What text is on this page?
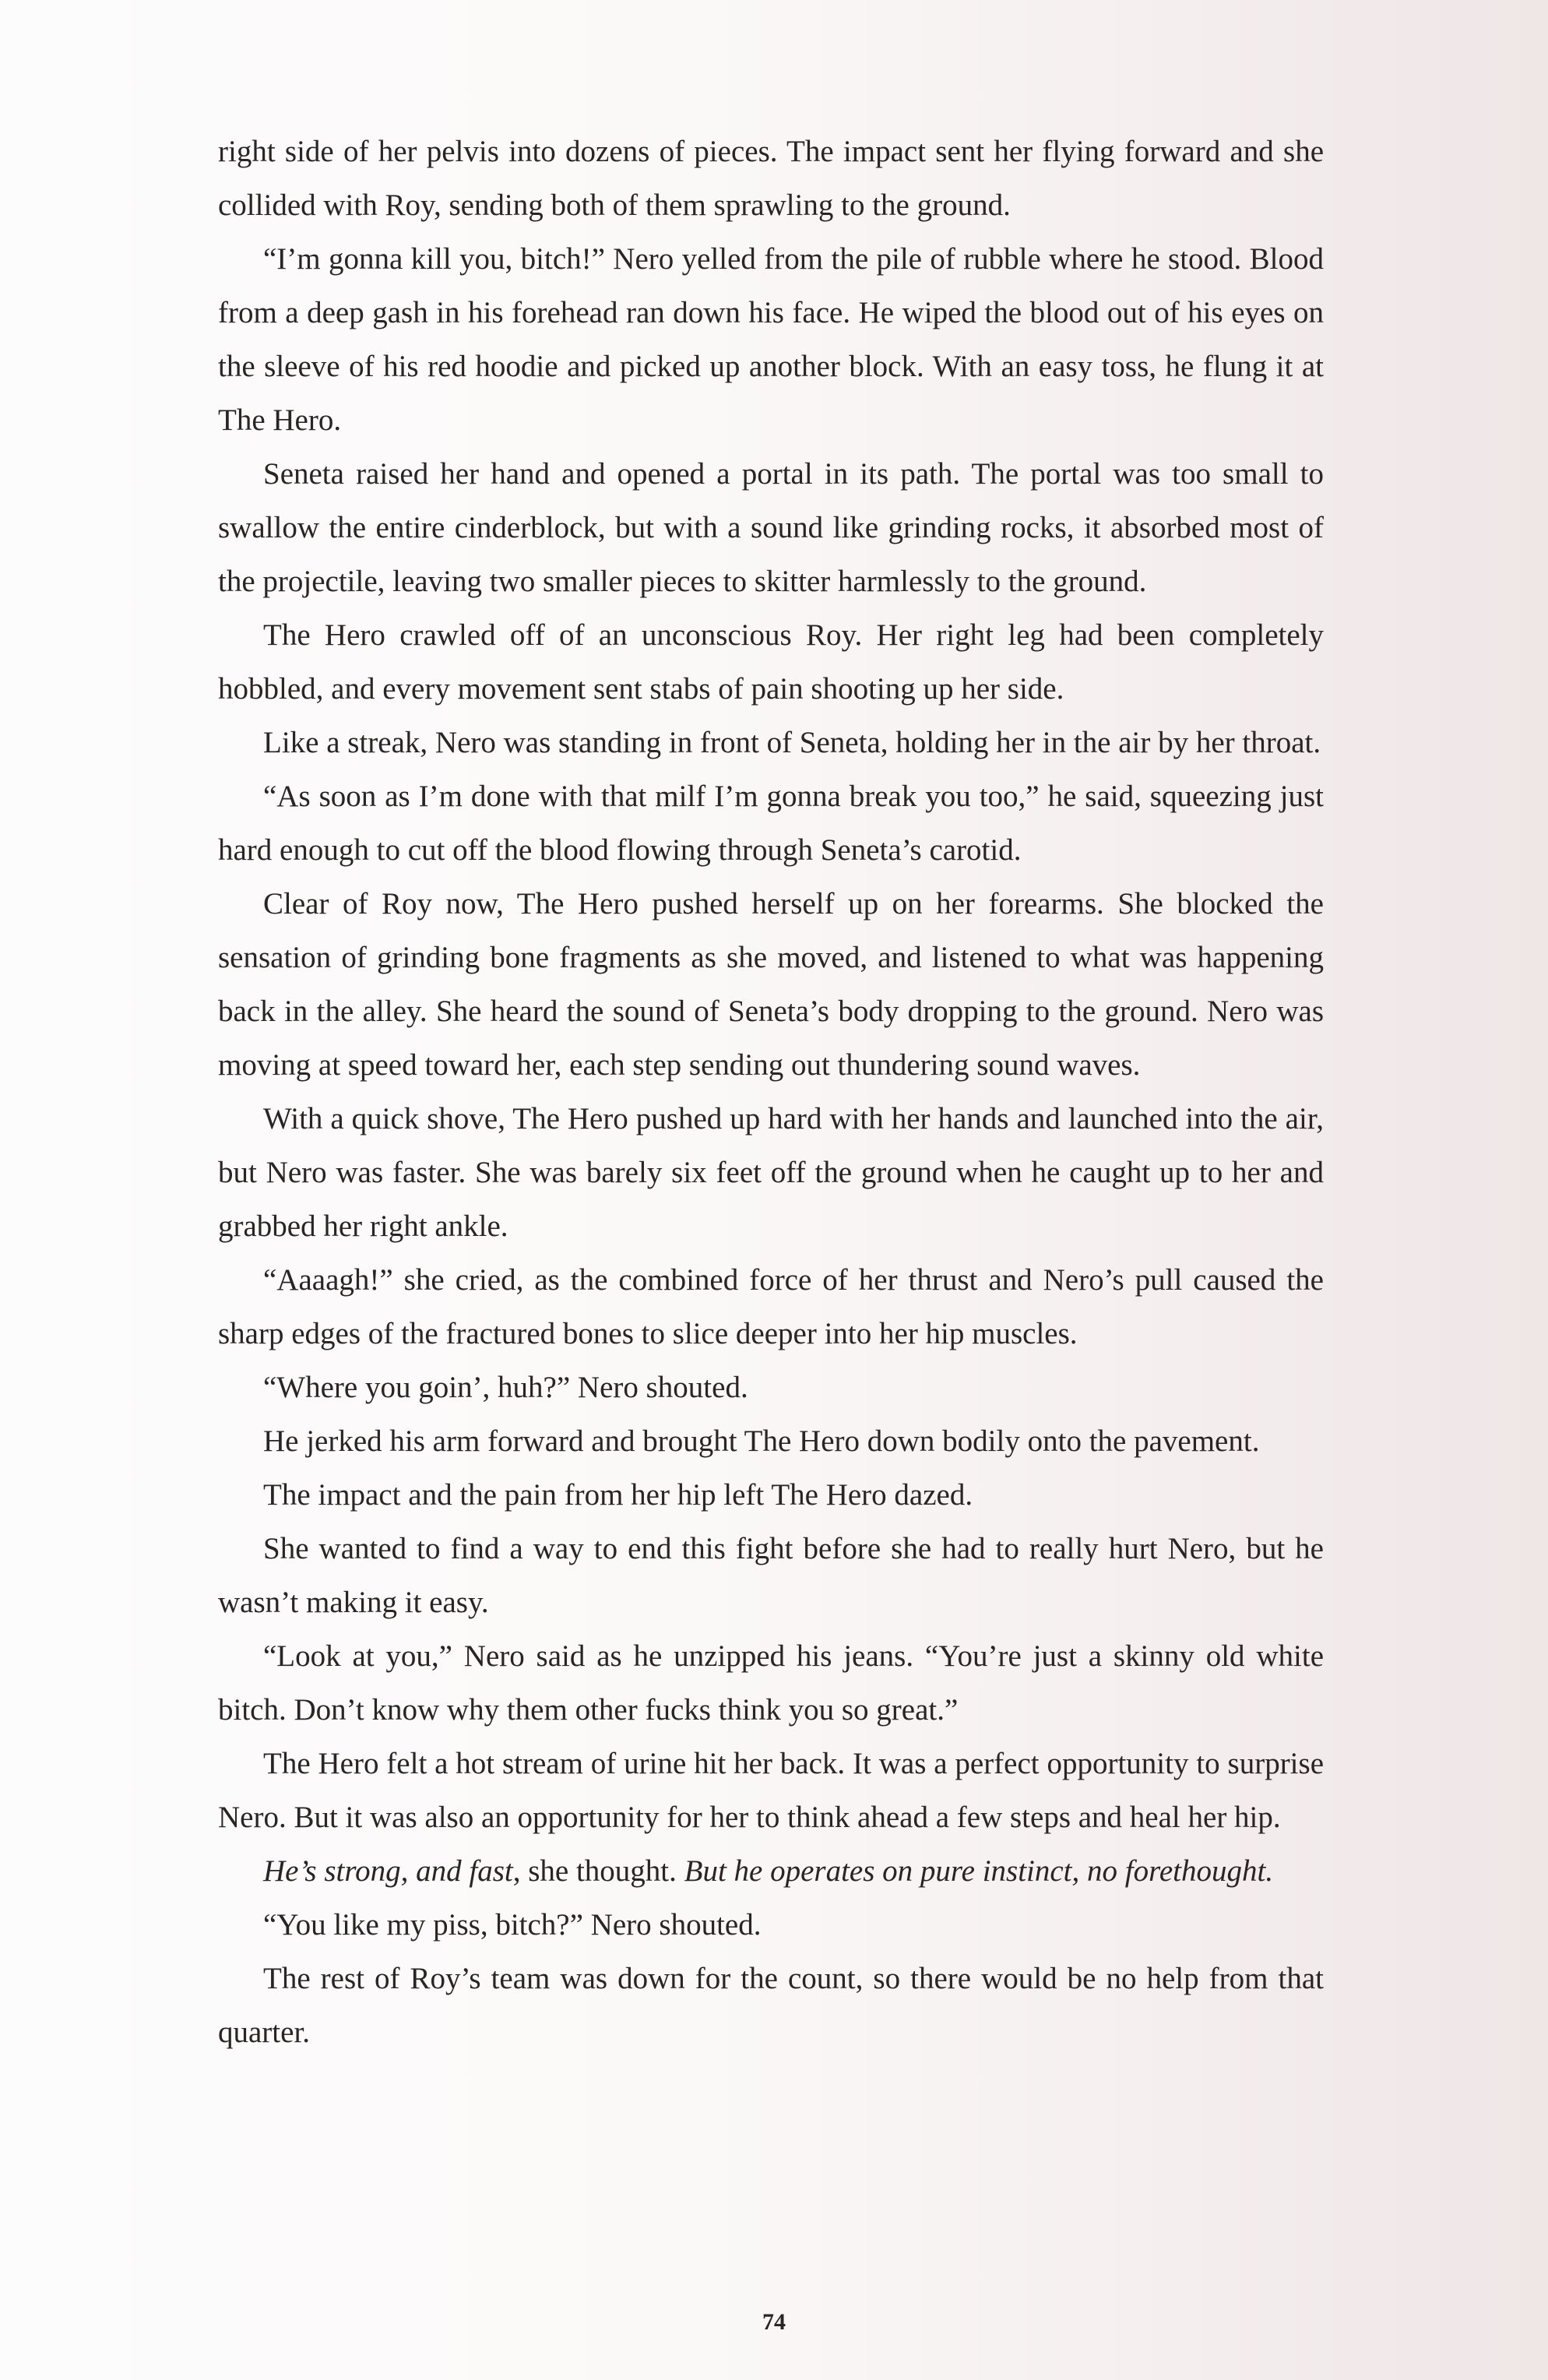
right side of her pelvis into dozens of pieces. The impact sent her flying forward and she collided with Roy, sending both of them sprawling to the ground.

“I’m gonna kill you, bitch!” Nero yelled from the pile of rubble where he stood. Blood from a deep gash in his forehead ran down his face. He wiped the blood out of his eyes on the sleeve of his red hoodie and picked up another block. With an easy toss, he flung it at The Hero.

Seneta raised her hand and opened a portal in its path. The portal was too small to swallow the entire cinderblock, but with a sound like grinding rocks, it absorbed most of the projectile, leaving two smaller pieces to skitter harmlessly to the ground.

The Hero crawled off of an unconscious Roy. Her right leg had been completely hobbled, and every movement sent stabs of pain shooting up her side.

Like a streak, Nero was standing in front of Seneta, holding her in the air by her throat.

“As soon as I’m done with that milf I’m gonna break you too,” he said, squeezing just hard enough to cut off the blood flowing through Seneta’s carotid.

Clear of Roy now, The Hero pushed herself up on her forearms. She blocked the sensation of grinding bone fragments as she moved, and listened to what was happening back in the alley. She heard the sound of Seneta’s body dropping to the ground. Nero was moving at speed toward her, each step sending out thundering sound waves.

With a quick shove, The Hero pushed up hard with her hands and launched into the air, but Nero was faster. She was barely six feet off the ground when he caught up to her and grabbed her right ankle.

“Aaaagh!” she cried, as the combined force of her thrust and Nero’s pull caused the sharp edges of the fractured bones to slice deeper into her hip muscles.

“Where you goin’, huh?” Nero shouted.

He jerked his arm forward and brought The Hero down bodily onto the pavement.

The impact and the pain from her hip left The Hero dazed.

She wanted to find a way to end this fight before she had to really hurt Nero, but he wasn’t making it easy.

“Look at you,” Nero said as he unzipped his jeans. “You’re just a skinny old white bitch. Don’t know why them other fucks think you so great.”

The Hero felt a hot stream of urine hit her back. It was a perfect opportunity to surprise Nero. But it was also an opportunity for her to think ahead a few steps and heal her hip.

He’s strong, and fast, she thought. But he operates on pure instinct, no forethought.

“You like my piss, bitch?” Nero shouted.

The rest of Roy’s team was down for the count, so there would be no help from that quarter.

74
